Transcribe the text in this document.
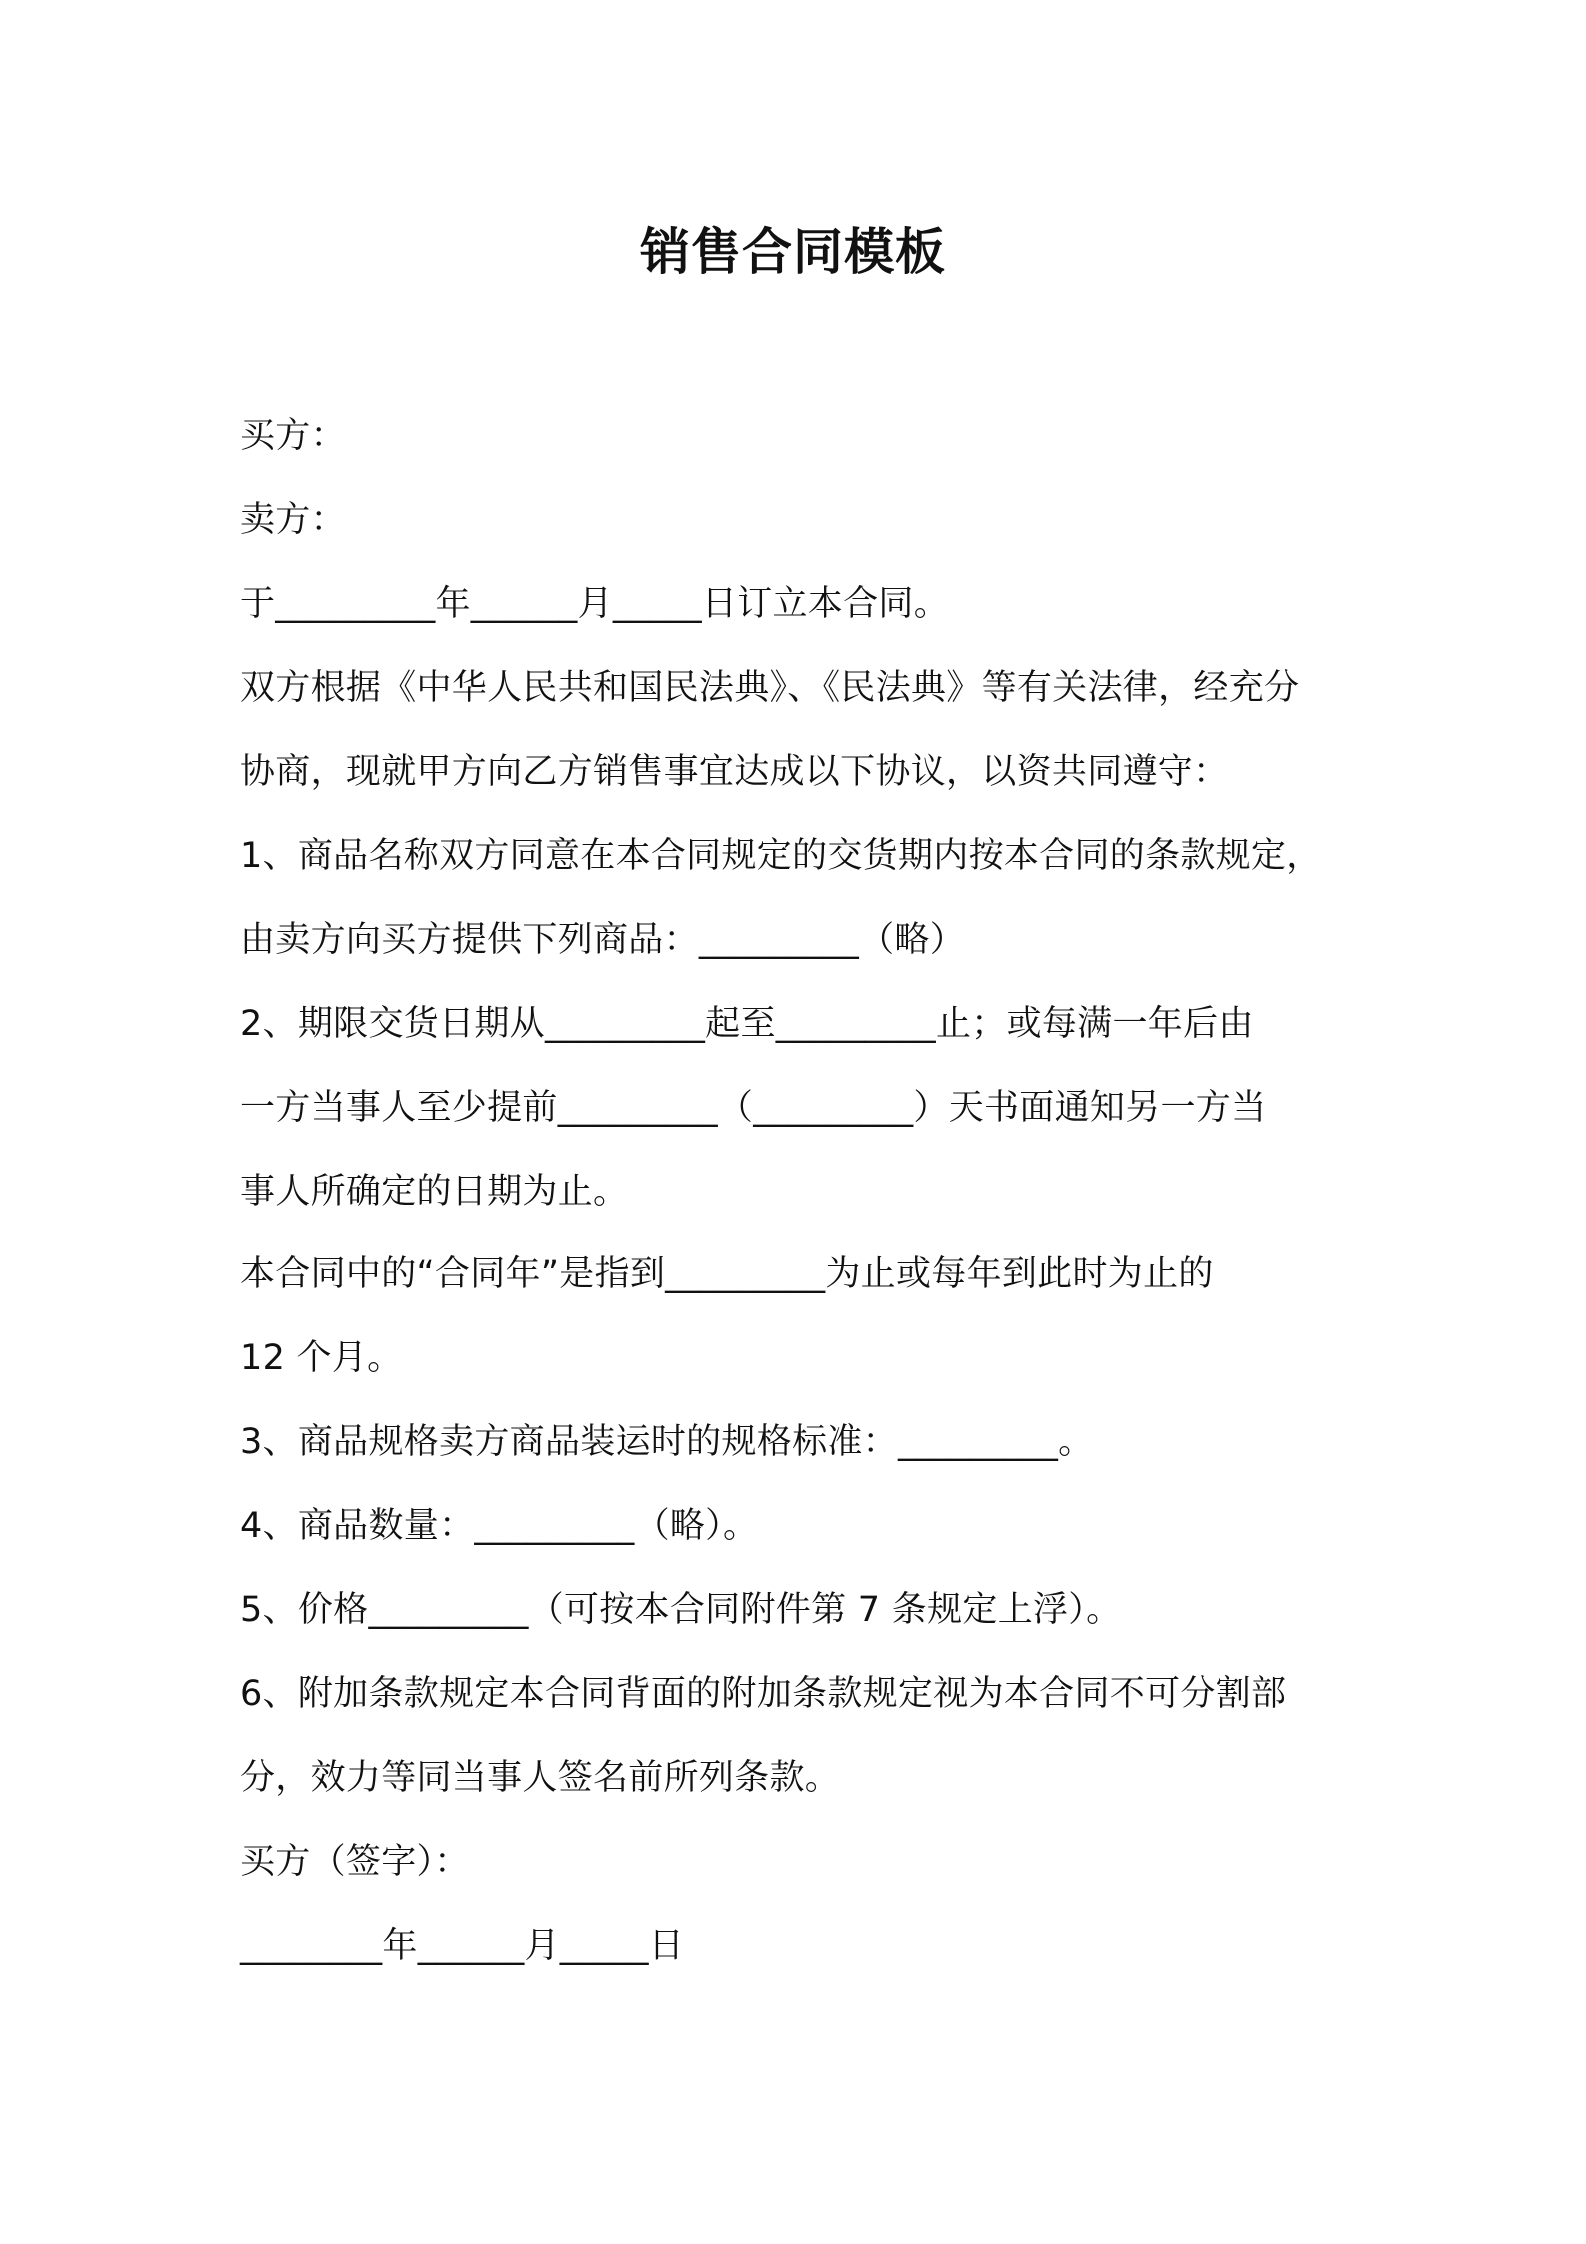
销售合同模板
买方：
卖方：
于_________年______月_____日订立本合同。
双方根据《中华人民共和国民法典》、《民法典》等有关法律，经充分
协商，现就甲方向乙方销售事宜达成以下协议，以资共同遵守：
1、商品名称双方同意在本合同规定的交货期内按本合同的条款规定，
由卖方向买方提供下列商品：_________（略）
2、期限交货日期从_________起至_________止；或每满一年后由
一方当事人至少提前_________（_________）天书面通知另一方当
事人所确定的日期为止。
本合同中的“合同年”是指到_________为止或每年到此时为止的
12 个月。
3、商品规格卖方商品装运时的规格标准：_________。
4、商品数量：_________（略）。
5、价格_________（可按本合同附件第 7 条规定上浮）。
6、附加条款规定本合同背面的附加条款规定视为本合同不可分割部
分，效力等同当事人签名前所列条款。
买方（签字）：
________年______月_____日
